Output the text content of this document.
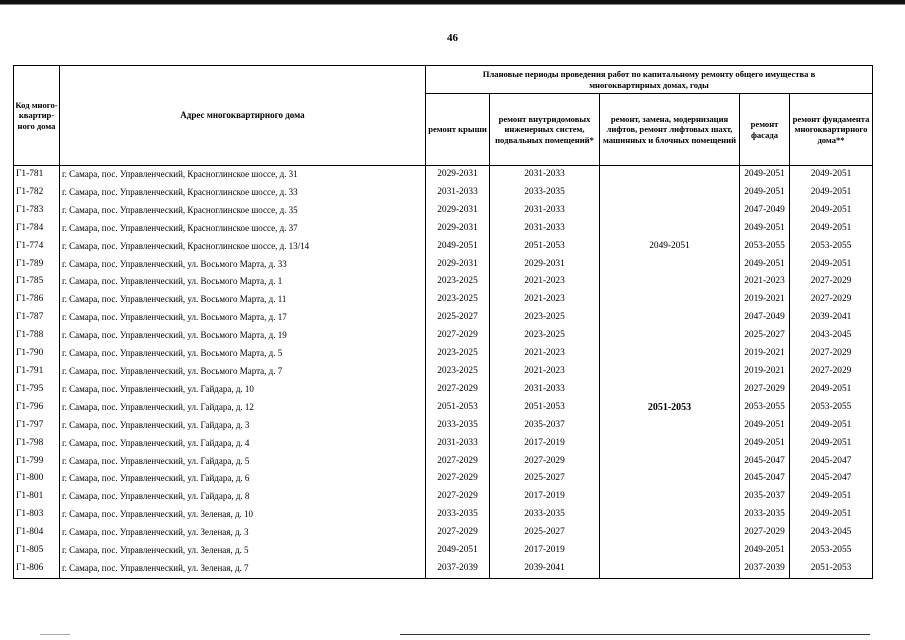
46
Код много- квартир- ного дома	Адрес многоквартирного дома	Плановые периоды проведения работ по капитальному ремонту общего имущества в многоквартирных домах, годы				
		ремонт крыши	ремонт внутридомовых инженерных систем, подвальных помещений*	ремонт, замена, модернизация лифтов, ремонт лифтовых шахт, машинных и блочных помещений	ремонт фасада	ремонт фундамента многоквартирного дома**
Г1-781	г. Самара, пос. Управленческий, Красноглинское шоссе, д. 31	2029-2031	2031-2033		2049-2051	2049-2051
Г1-782	г. Самара, пос. Управленческий, Красноглинское шоссе, д. 33	2031-2033	2033-2035		2049-2051	2049-2051
Г1-783	г. Самара, пос. Управленческий, Красноглинское шоссе, д. 35	2029-2031	2031-2033		2047-2049	2049-2051
Г1-784	г. Самара, пос. Управленческий, Красноглинское шоссе, д. 37	2029-2031	2031-2033		2049-2051	2049-2051
Г1-774	г. Самара, пос. Управленческий, Красноглинское шоссе, д. 13/14	2049-2051	2051-2053	2049-2051	2053-2055	2053-2055
Г1-789	г. Самара, пос. Управленческий, ул. Восьмого Марта, д. 33	2029-2031	2029-2031		2049-2051	2049-2051
Г1-785	г. Самара, пос. Управленческий, ул. Восьмого Марта, д. 1	2023-2025	2021-2023		2021-2023	2027-2029
Г1-786	г. Самара, пос. Управленческий, ул. Восьмого Марта, д. 11	2023-2025	2021-2023		2019-2021	2027-2029
Г1-787	г. Самара, пос. Управленческий, ул. Восьмого Марта, д. 17	2025-2027	2023-2025		2047-2049	2039-2041
Г1-788	г. Самара, пос. Управленческий, ул. Восьмого Марта, д. 19	2027-2029	2023-2025		2025-2027	2043-2045
Г1-790	г. Самара, пос. Управленческий, ул. Восьмого Марта, д. 5	2023-2025	2021-2023		2019-2021	2027-2029
Г1-791	г. Самара, пос. Управленческий, ул. Восьмого Марта, д. 7	2023-2025	2021-2023		2019-2021	2027-2029
Г1-795	г. Самара, пос. Управленческий, ул. Гайдара, д. 10	2027-2029	2031-2033		2027-2029	2049-2051
Г1-796	г. Самара, пос. Управленческий, ул. Гайдара, д. 12	2051-2053	2051-2053	2051-2053	2053-2055	2053-2055
Г1-797	г. Самара, пос. Управленческий, ул. Гайдара, д. 3	2033-2035	2035-2037		2049-2051	2049-2051
Г1-798	г. Самара, пос. Управленческий, ул. Гайдара, д. 4	2031-2033	2017-2019		2049-2051	2049-2051
Г1-799	г. Самара, пос. Управленческий, ул. Гайдара, д. 5	2027-2029	2027-2029		2045-2047	2045-2047
Г1-800	г. Самара, пос. Управленческий, ул. Гайдара, д. 6	2027-2029	2025-2027		2045-2047	2045-2047
Г1-801	г. Самара, пос. Управленческий, ул. Гайдара, д. 8	2027-2029	2017-2019		2035-2037	2049-2051
Г1-803	г. Самара, пос. Управленческий, ул. Зеленая, д. 10	2033-2035	2033-2035		2033-2035	2049-2051
Г1-804	г. Самара, пос. Управленческий, ул. Зеленая, д. 3	2027-2029	2025-2027		2027-2029	2043-2045
Г1-805	г. Самара, пос. Управленческий, ул. Зеленая, д. 5	2049-2051	2017-2019		2049-2051	2053-2055
Г1-806	г. Самара, пос. Управленческий, ул. Зеленая, д. 7	2037-2039	2039-2041		2037-2039	2051-2053
